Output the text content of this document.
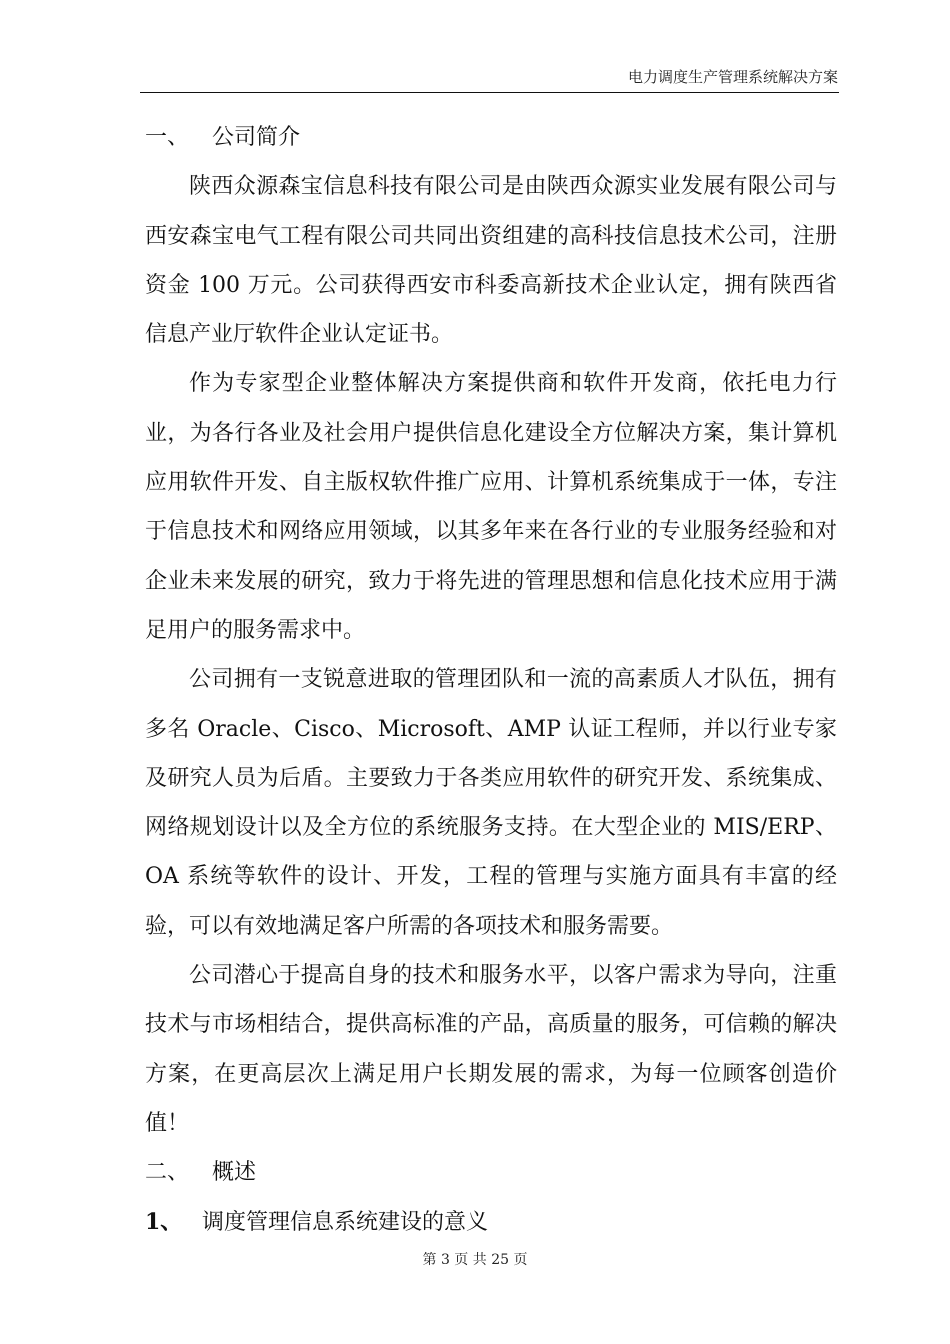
电力调度生产管理系统解决方案
一、	公司简介

陕西众源森宝信息科技有限公司是由陕西众源实业发展有限公司与西安森宝电气工程有限公司共同出资组建的高科技信息技术公司，注册资金 100 万元。公司获得西安市科委高新技术企业认定，拥有陕西省信息产业厅软件企业认定证书。

作为专家型企业整体解决方案提供商和软件开发商，依托电力行业，为各行各业及社会用户提供信息化建设全方位解决方案，集计算机应用软件开发、自主版权软件推广应用、计算机系统集成于一体，专注于信息技术和网络应用领域，以其多年来在各行业的专业服务经验和对企业未来发展的研究，致力于将先进的管理思想和信息化技术应用于满足用户的服务需求中。

公司拥有一支锐意进取的管理团队和一流的高素质人才队伍，拥有多名 Oracle、Cisco、Microsoft、AMP 认证工程师，并以行业专家及研究人员为后盾。主要致力于各类应用软件的研究开发、系统集成、网络规划设计以及全方位的系统服务支持。在大型企业的 MIS/ERP、OA 系统等软件的设计、开发，工程的管理与实施方面具有丰富的经验，可以有效地满足客户所需的各项技术和服务需要。

公司潜心于提高自身的技术和服务水平，以客户需求为导向，注重技术与市场相结合，提供高标准的产品，高质量的服务，可信赖的解决方案，在更高层次上满足用户长期发展的需求，为每一位顾客创造价值！

二、	概述
1、 调度管理信息系统建设的意义
第 3 页 共 25 页
